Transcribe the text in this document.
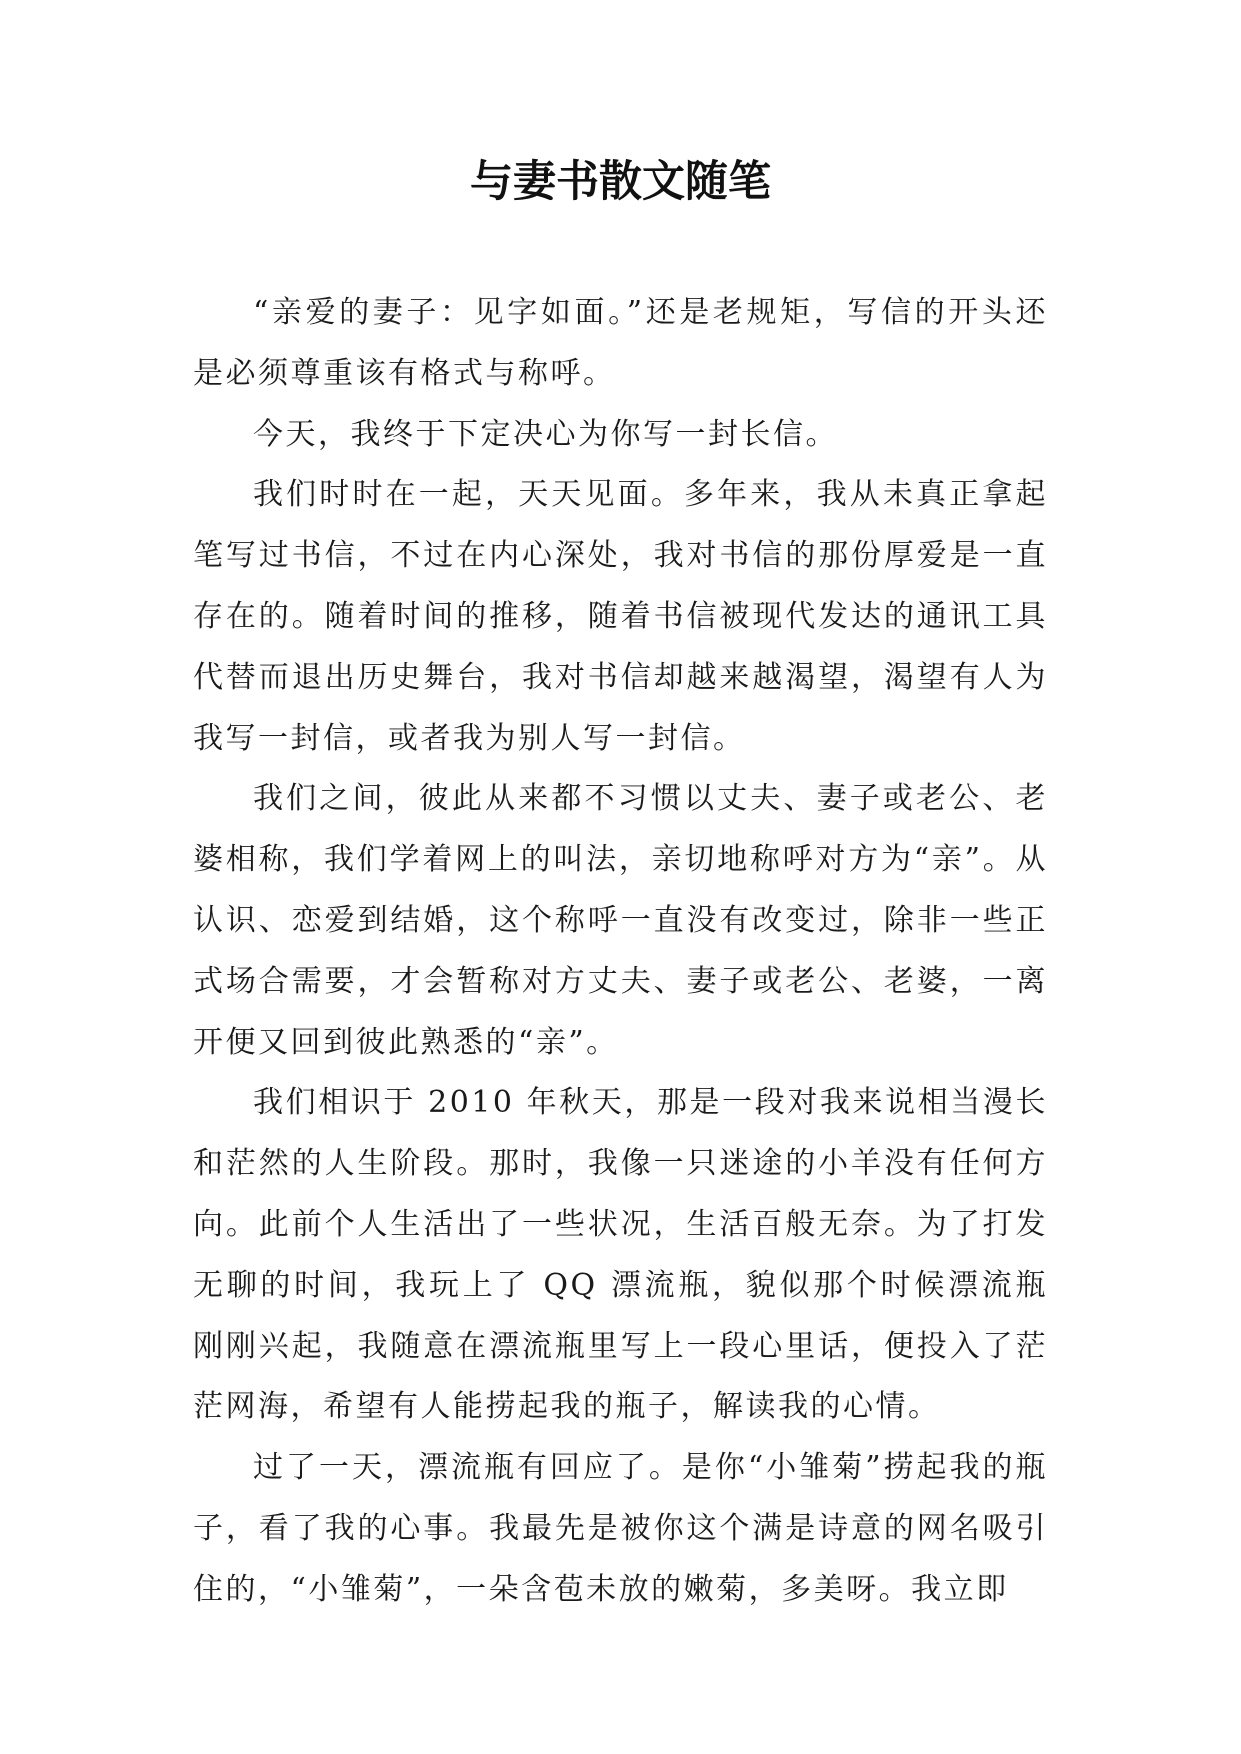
与妻书散文随笔

“亲爱的妻子：见字如面。”还是老规矩，写信的开头还是必须尊重该有格式与称呼。

今天，我终于下定决心为你写一封长信。

我们时时在一起，天天见面。多年来，我从未真正拿起笔写过书信，不过在内心深处，我对书信的那份厚爱是一直存在的。随着时间的推移，随着书信被现代发达的通讯工具代替而退出历史舞台，我对书信却越来越渴望，渴望有人为我写一封信，或者我为别人写一封信。

我们之间，彼此从来都不习惯以丈夫、妻子或老公、老婆相称，我们学着网上的叫法，亲切地称呼对方为“亲”。从认识、恋爱到结婚，这个称呼一直没有改变过，除非一些正式场合需要，才会暂称对方丈夫、妻子或老公、老婆，一离开便又回到彼此熟悉的“亲”。

我们相识于 2010 年秋天，那是一段对我来说相当漫长和茫然的人生阶段。那时，我像一只迷途的小羊没有任何方向。此前个人生活出了一些状况，生活百般无奈。为了打发无聊的时间，我玩上了 QQ 漂流瓶，貌似那个时候漂流瓶刚刚兴起，我随意在漂流瓶里写上一段心里话，便投入了茫茫网海，希望有人能捞起我的瓶子，解读我的心情。

过了一天，漂流瓶有回应了。是你“小雏菊”捞起我的瓶子，看了我的心事。我最先是被你这个满是诗意的网名吸引住的，“小雏菊”，一朵含苞未放的嫩菊，多美呀。我立即
